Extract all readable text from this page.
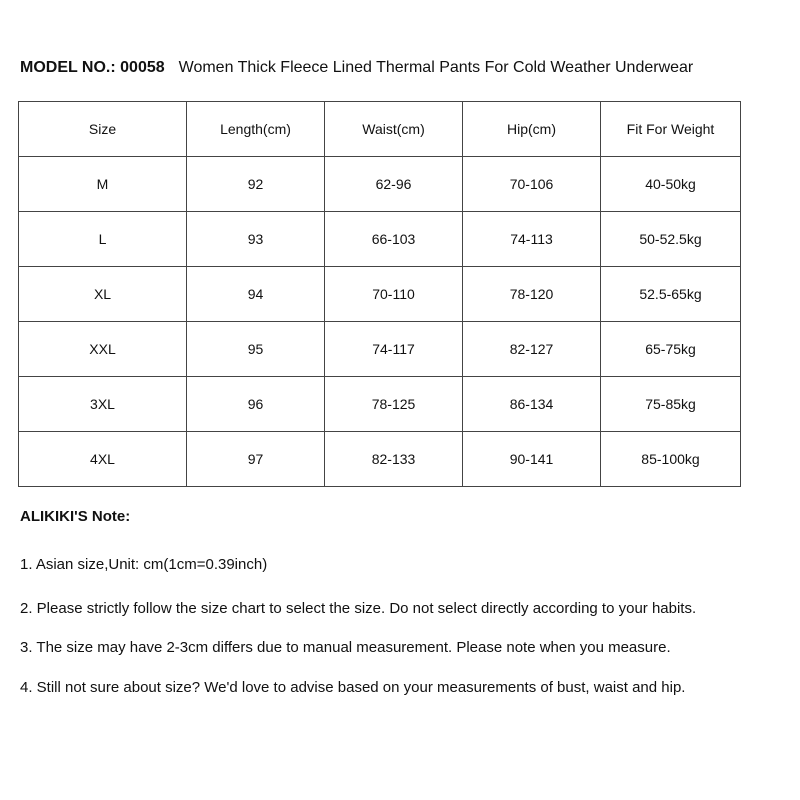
MODEL NO.: 00058 Women Thick Fleece Lined Thermal Pants For Cold Weather Underwear
Size	Length(cm)	Waist(cm)	Hip(cm)	Fit For Weight
M	92	62-96	70-106	40-50kg
L	93	66-103	74-113	50-52.5kg
XL	94	70-110	78-120	52.5-65kg
XXL	95	74-117	82-127	65-75kg
3XL	96	78-125	86-134	75-85kg
4XL	97	82-133	90-141	85-100kg
ALIKIKI'S Note:
1. Asian size,Unit: cm(1cm=0.39inch)
2. Please strictly follow the size chart to select the size. Do not select directly according to your habits.
3. The size may have 2-3cm differs due to manual measurement. Please note when you measure.
4. Still not sure about size? We'd love to advise based on your measurements of bust, waist and hip.
